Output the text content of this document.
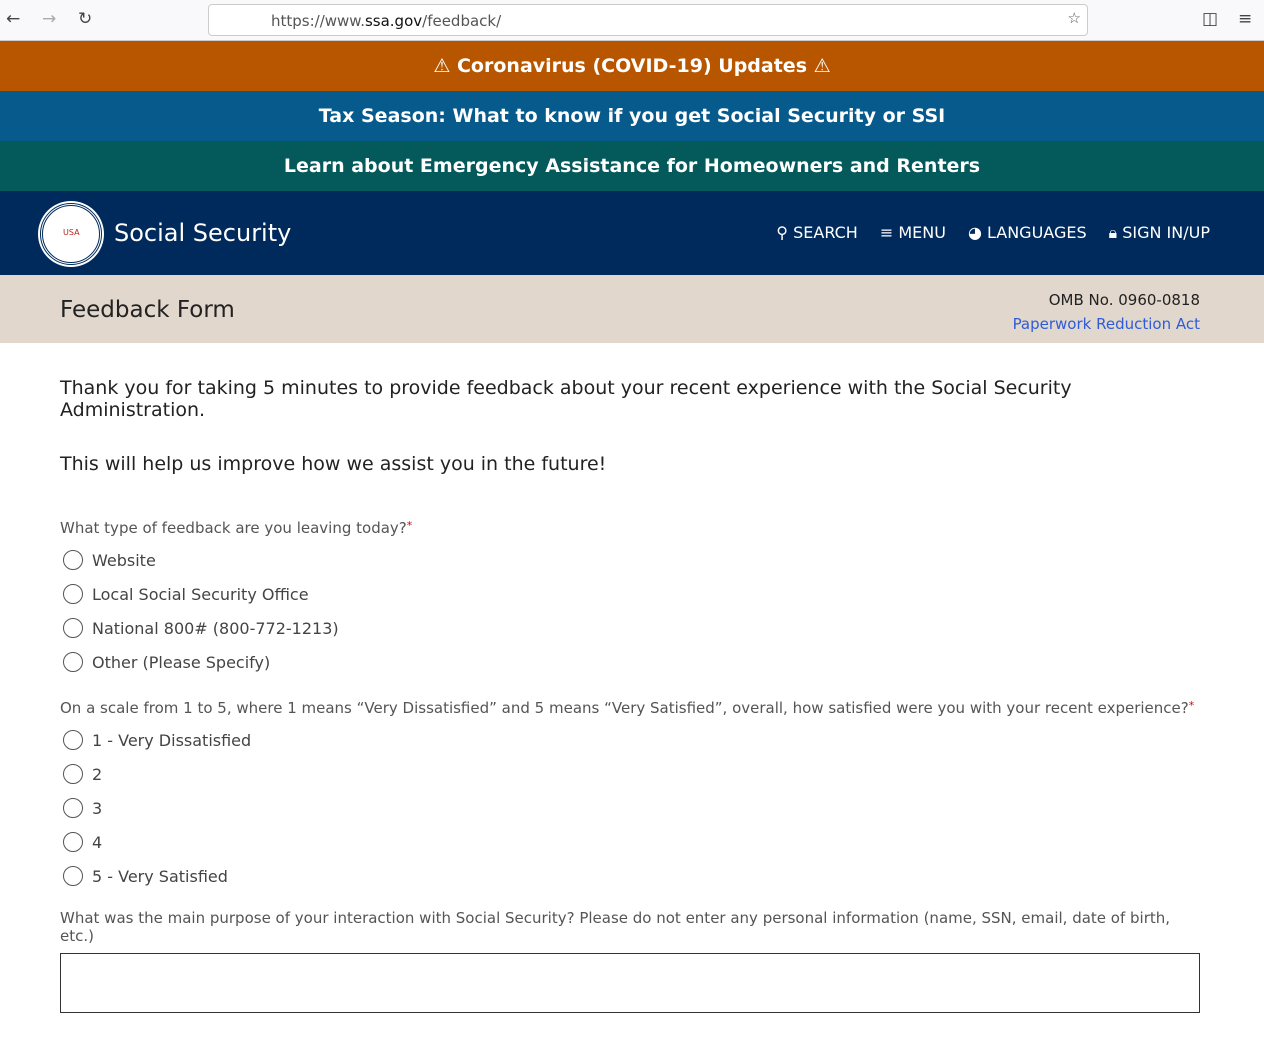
← → ↻	https://www.ssa.gov/feedback/	☆	◫ ≡
⚠ Coronavirus (COVID-19) Updates ⚠
Tax Season: What to know if you get Social Security or SSI
Learn about Emergency Assistance for Homeowners and Renters
USA Social Security	⚲ SEARCH ≡ MENU ◕ LANGUAGES 🔒︎ SIGN IN/UP
Feedback Form	OMB No. 0960-0818
Paperwork Reduction Act

Thank you for taking 5 minutes to provide feedback about your recent experience with the Social Security Administration.

This will help us improve how we assist you in the future!

What type of feedback are you leaving today?*
Website
Local Social Security Office
National 800# (800-772-1213)
Other (Please Specify)
On a scale from 1 to 5, where 1 means “Very Dissatisfied” and 5 means “Very Satisfied”, overall, how satisfied were you with your recent experience?*
1 - Very Dissatisfied
2
3
4
5 - Very Satisfied
What was the main purpose of your interaction with Social Security? Please do not enter any personal information (name, SSN, email, date of birth, etc.)
